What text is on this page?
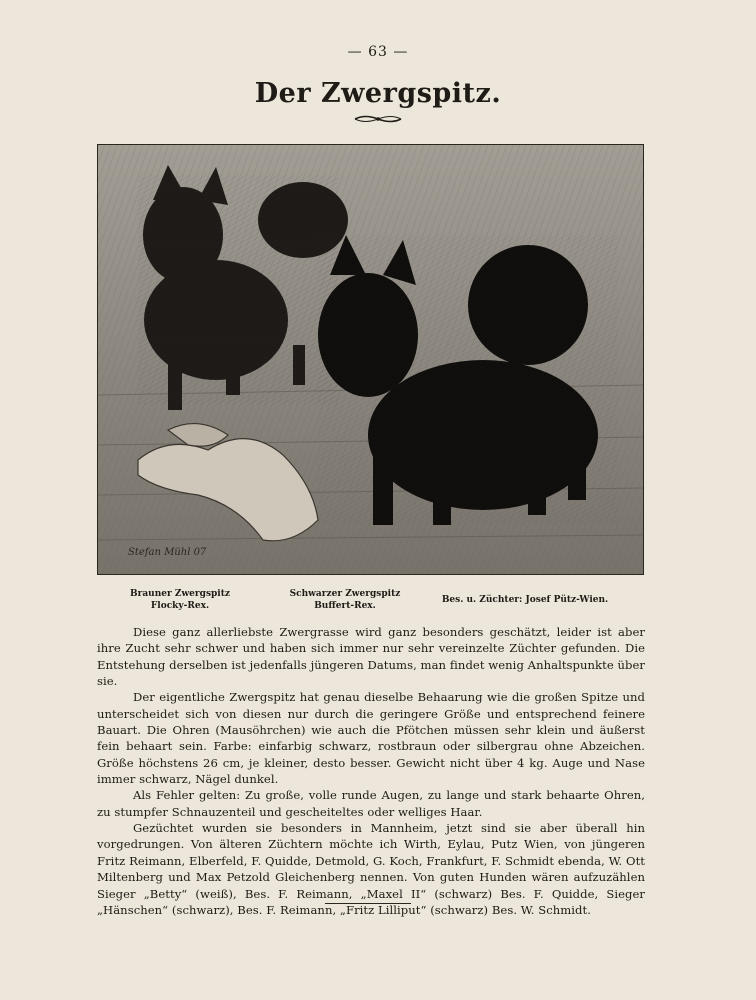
— 63 —
Der Zwergspitz.
Stefan Mühl 07
Brauner Zwergspitz
Flocky-Rex.
Schwarzer Zwergspitz
Buffert-Rex.
Bes. u. Züchter: Josef Pütz-Wien.

Diese ganz allerliebste Zwergrasse wird ganz besonders geschätzt, leider ist aber ihre Zucht sehr schwer und haben sich immer nur sehr vereinzelte Züchter gefunden. Die Entstehung derselben ist jedenfalls jüngeren Datums, man findet wenig Anhaltspunkte über sie.

Der eigentliche Zwergspitz hat genau dieselbe Behaarung wie die großen Spitze und unterscheidet sich von diesen nur durch die geringere Größe und entsprechend feinere Bauart. Die Ohren (Mausöhrchen) wie auch die Pfötchen müssen sehr klein und äußerst fein behaart sein. Farbe: einfarbig schwarz, rostbraun oder silbergrau ohne Abzeichen. Größe höchstens 26 cm, je kleiner, desto besser. Gewicht nicht über 4 kg. Auge und Nase immer schwarz, Nägel dunkel.

Als Fehler gelten: Zu große, volle runde Augen, zu lange und stark behaarte Ohren, zu stumpfer Schnauzenteil und gescheiteltes oder welliges Haar.

Gezüchtet wurden sie besonders in Mannheim, jetzt sind sie aber überall hin vorgedrungen. Von älteren Züchtern möchte ich Wirth, Eylau, Putz Wien, von jüngeren Fritz Reimann, Elberfeld, F. Quidde, Detmold, G. Koch, Frankfurt, F. Schmidt ebenda, W. Ott Miltenberg und Max Petzold Gleichenberg nennen. Von guten Hunden wären aufzuzählen Sieger „Betty“ (weiß), Bes. F. Reimann, „Maxel II“ (schwarz) Bes. F. Quidde, Sieger „Hänschen“ (schwarz), Bes. F. Reimann, „Fritz Lilliput“ (schwarz) Bes. W. Schmidt.
